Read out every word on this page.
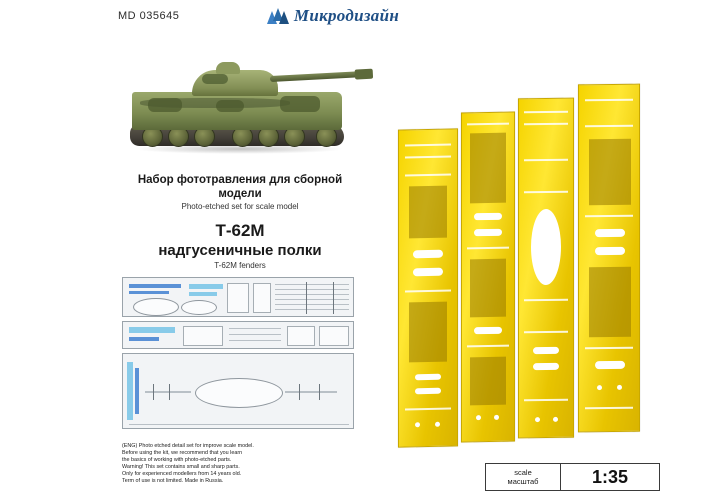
MD 035645	Микродизайн
Набор фототравления для сборной модели
Photo-etched set for scale model
Т-62М
надгусеничные полки
T-62M fenders
(ENG) Photo etched detail set for improve scale model.
Before using the kit, we recommend that you learn
the basics of working with photo-etched parts.
Warning! This set contains small and sharp parts.
Only for experienced modellers from 14 years old.
Term of use is not limited. Made in Russia.
scale
масштаб	1:35
